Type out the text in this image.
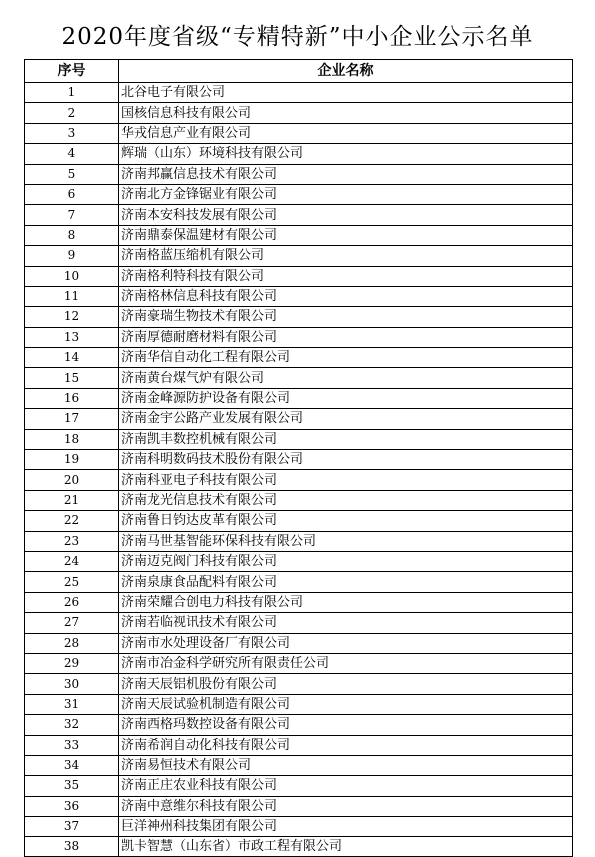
2020年度省级“专精特新”中小企业公示名单
序号	企业名称
1	北谷电子有限公司
2	国核信息科技有限公司
3	华戎信息产业有限公司
4	辉瑞（山东）环境科技有限公司
5	济南邦赢信息技术有限公司
6	济南北方金锋锯业有限公司
7	济南本安科技发展有限公司
8	济南鼎泰保温建材有限公司
9	济南格蓝压缩机有限公司
10	济南格利特科技有限公司
11	济南格林信息科技有限公司
12	济南豪瑞生物技术有限公司
13	济南厚德耐磨材料有限公司
14	济南华信自动化工程有限公司
15	济南黄台煤气炉有限公司
16	济南金峰源防护设备有限公司
17	济南金宇公路产业发展有限公司
18	济南凯丰数控机械有限公司
19	济南科明数码技术股份有限公司
20	济南科亚电子科技有限公司
21	济南龙光信息技术有限公司
22	济南鲁日钧达皮革有限公司
23	济南马世基智能环保科技有限公司
24	济南迈克阀门科技有限公司
25	济南泉康食品配料有限公司
26	济南荣耀合创电力科技有限公司
27	济南若临视讯技术有限公司
28	济南市水处理设备厂有限公司
29	济南市冶金科学研究所有限责任公司
30	济南天辰铝机股份有限公司
31	济南天辰试验机制造有限公司
32	济南西格玛数控设备有限公司
33	济南希润自动化科技有限公司
34	济南易恒技术有限公司
35	济南正庄农业科技有限公司
36	济南中意维尔科技有限公司
37	巨洋神州科技集团有限公司
38	凯卡智慧（山东省）市政工程有限公司
